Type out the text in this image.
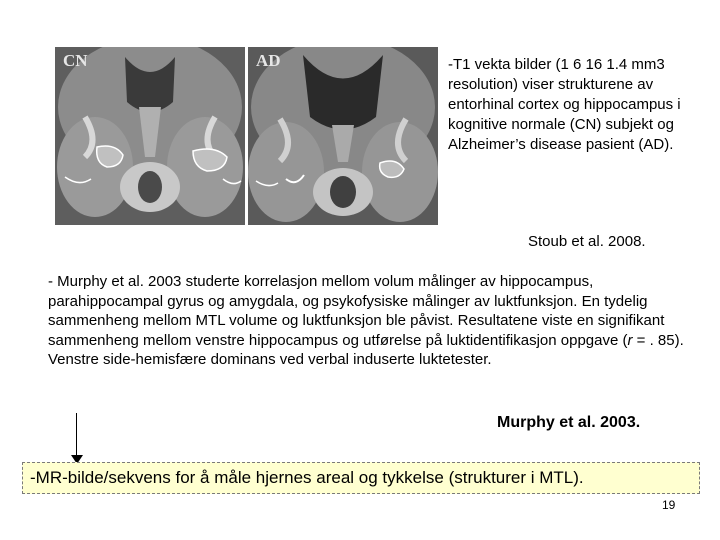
CN	AD	-T1 vekta bilder (1 6 16 1.4 mm3 resolution) viser strukturene av entorhinal cortex og hippocampus i kognitive normale (CN) subjekt og Alzheimer’s disease pasient (AD).
Stoub et al. 2008.
- Murphy et al. 2003 studerte korrelasjon mellom volum målinger av hippocampus, parahippocampal gyrus og amygdala, og psykofysiske målinger av luktfunksjon. En tydelig sammenheng mellom MTL volume og luktfunksjon ble påvist. Resultatene viste en signifikant sammenheng mellom venstre hippocampus og utførelse på luktidentifikasjon oppgave (r = . 85). Venstre side-hemisfære dominans ved verbal induserte luktetester.
Murphy et al. 2003.
-MR-bilde/sekvens for å måle hjernes areal og tykkelse (strukturer i MTL).
19
